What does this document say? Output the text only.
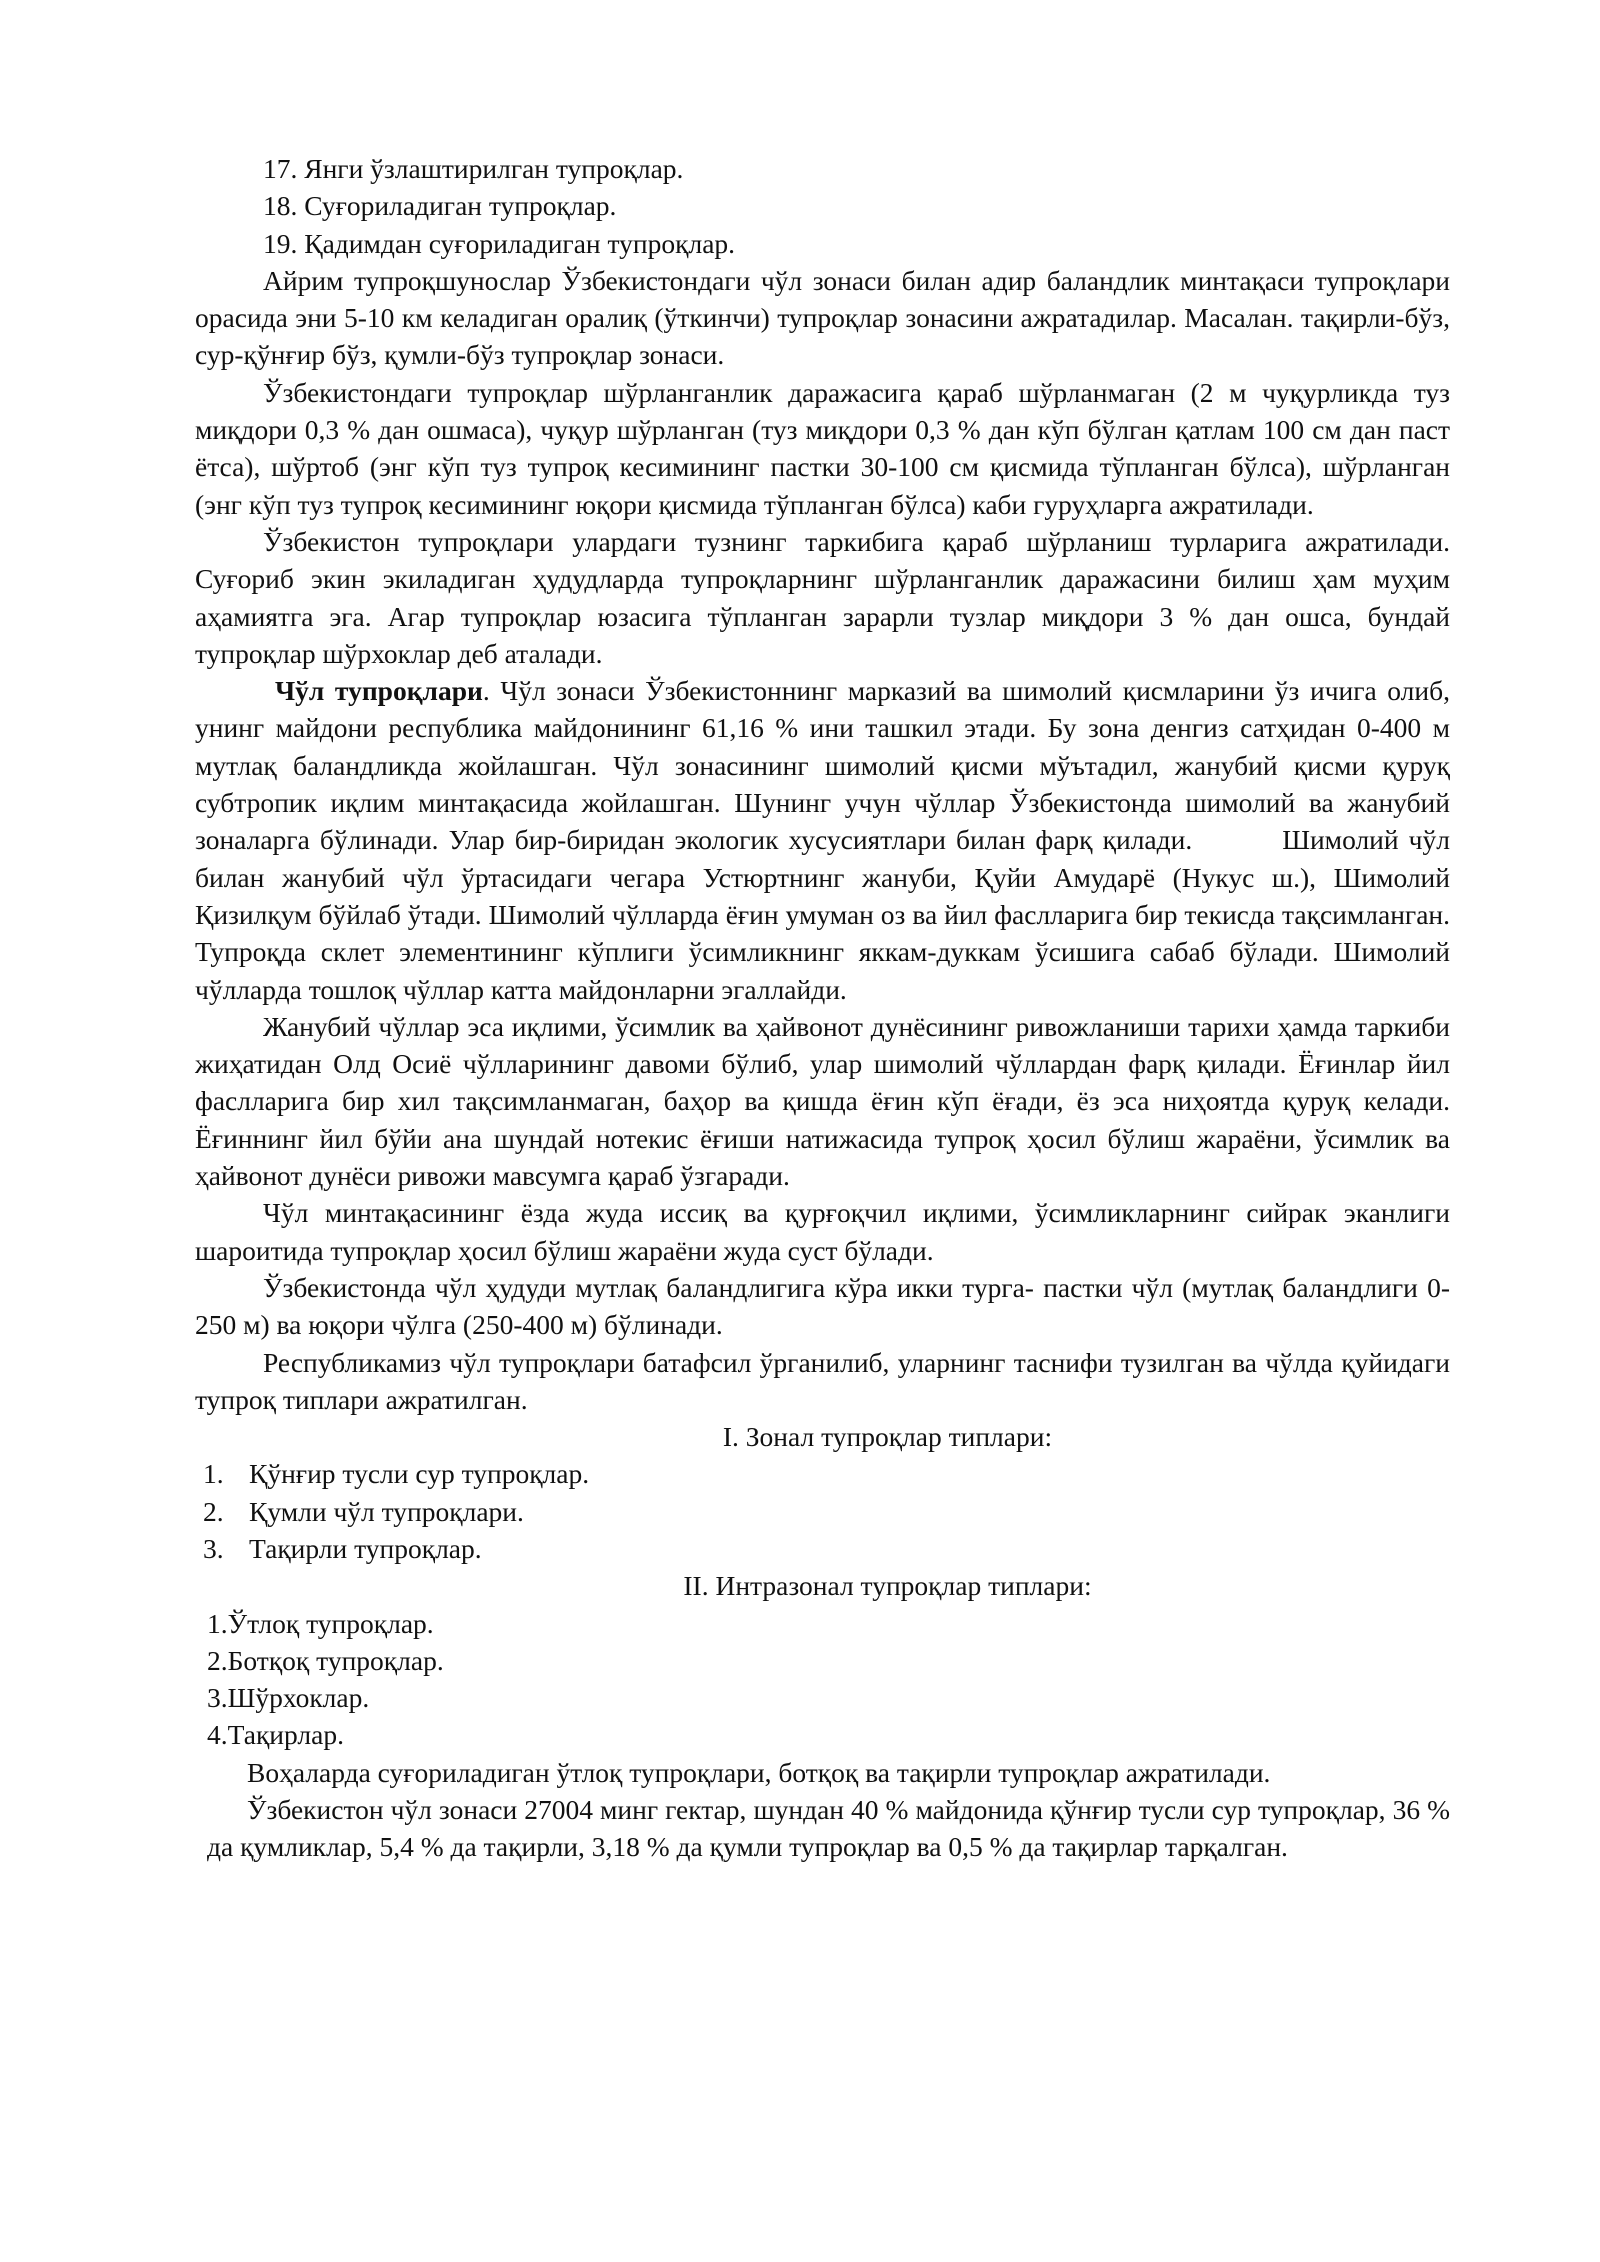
17. Янги ўзлаштирилган тупроқлар.

18. Суғориладиган тупроқлар.

19. Қадимдан суғориладиган тупроқлар.

Айрим тупроқшунослар Ўзбекистондаги чўл зонаси билан адир баландлик минтақаси тупроқлари орасида эни 5-10 км келадиган оралиқ (ўткинчи) тупроқлар зонасини ажратадилар. Масалан. тақирли-бўз, сур-қўнғир бўз, қумли-бўз тупроқлар зонаси.

Ўзбекистондаги тупроқлар шўрланганлик даражасига қараб шўрланмаган (2 м чуқурликда туз миқдори 0,3 % дан ошмаса), чуқур шўрланган (туз миқдори 0,3 % дан кўп бўлган қатлам 100 см дан паст ётса), шўртоб (энг кўп туз тупроқ кесимининг пастки 30-100 см қисмида тўпланган бўлса), шўрланган (энг кўп туз тупроқ кесимининг юқори қисмида тўпланган бўлса) каби гуруҳларга ажратилади.

Ўзбекистон тупроқлари улардаги тузнинг таркибига қараб шўрланиш турларига ажратилади. Суғориб экин экиладиган ҳудудларда тупроқларнинг шўрланганлик даражасини билиш ҳам муҳим аҳамиятга эга. Агар тупроқлар юзасига тўпланган зарарли тузлар миқдори 3 % дан ошса, бундай тупроқлар шўрхоклар деб аталади.

Чўл тупроқлари. Чўл зонаси Ўзбекистоннинг марказий ва шимолий қисмларини ўз ичига олиб, унинг майдони республика майдонининг 61,16 % ини ташкил этади. Бу зона денгиз сатҳидан 0-400 м мутлақ баландликда жойлашган. Чўл зонасининг шимолий қисми мўътадил, жанубий қисми қуруқ субтропик иқлим минтақасида жойлашган. Шунинг учун чўллар Ўзбекистонда шимолий ва жанубий зоналарга бўлинади. Улар бир-биридан экологик хусусиятлари билан фарқ қилади.	Шимолий чўл билан жанубий чўл ўртасидаги чегара Устюртнинг жануби, Қуйи Амударё (Нукус ш.), Шимолий Қизилқум бўйлаб ўтади. Шимолий чўлларда ёғин умуман оз ва йил фаслларига бир текисда тақсимланган. Тупроқда склет элементининг кўплиги ўсимликнинг яккам-дуккам ўсишига сабаб бўлади. Шимолий чўлларда тошлоқ чўллар катта майдонларни эгаллайди.

Жанубий чўллар эса иқлими, ўсимлик ва ҳайвонот дунёсининг ривожланиши тарихи ҳамда таркиби жиҳатидан Олд Осиё чўлларининг давоми бўлиб, улар шимолий чўллардан фарқ қилади. Ёғинлар йил фаслларига бир хил тақсимланмаган, баҳор ва қишда ёғин кўп ёғади, ёз эса ниҳоятда қуруқ келади. Ёғиннинг йил бўйи ана шундай нотекис ёғиши натижасида тупроқ ҳосил бўлиш жараёни, ўсимлик ва ҳайвонот дунёси ривожи мавсумга қараб ўзгаради.

Чўл минтақасининг ёзда жуда иссиқ ва қурғоқчил иқлими, ўсимликларнинг сийрак эканлиги шароитида тупроқлар ҳосил бўлиш жараёни жуда суст бўлади.

Ўзбекистонда чўл ҳудуди мутлақ баландлигига кўра икки турга- пастки чўл (мутлақ баландлиги 0-250 м) ва юқори чўлга (250-400 м) бўлинади.

Республикамиз чўл тупроқлари батафсил ўрганилиб, уларнинг таснифи тузилган ва чўлда қуйидаги тупроқ типлари ажратилган.

I. Зонал тупроқлар типлари:

1. Қўнғир тусли сур тупроқлар.
2. Қумли чўл тупроқлари.
3. Тақирли тупроқлар.

II. Интразонал тупроқлар типлари:

1.Ўтлоқ тупроқлар.

2.Ботқоқ тупроқлар.

3.Шўрхоклар.

4.Тақирлар.

Воҳаларда суғориладиган ўтлоқ тупроқлари, ботқоқ ва тақирли тупроқлар ажратилади.

Ўзбекистон чўл зонаси 27004 минг гектар, шундан 40 % майдонида қўнғир тусли сур тупроқлар, 36 % да қумликлар, 5,4 % да тақирли, 3,18 % да қумли тупроқлар ва 0,5 % да тақирлар тарқалган.
